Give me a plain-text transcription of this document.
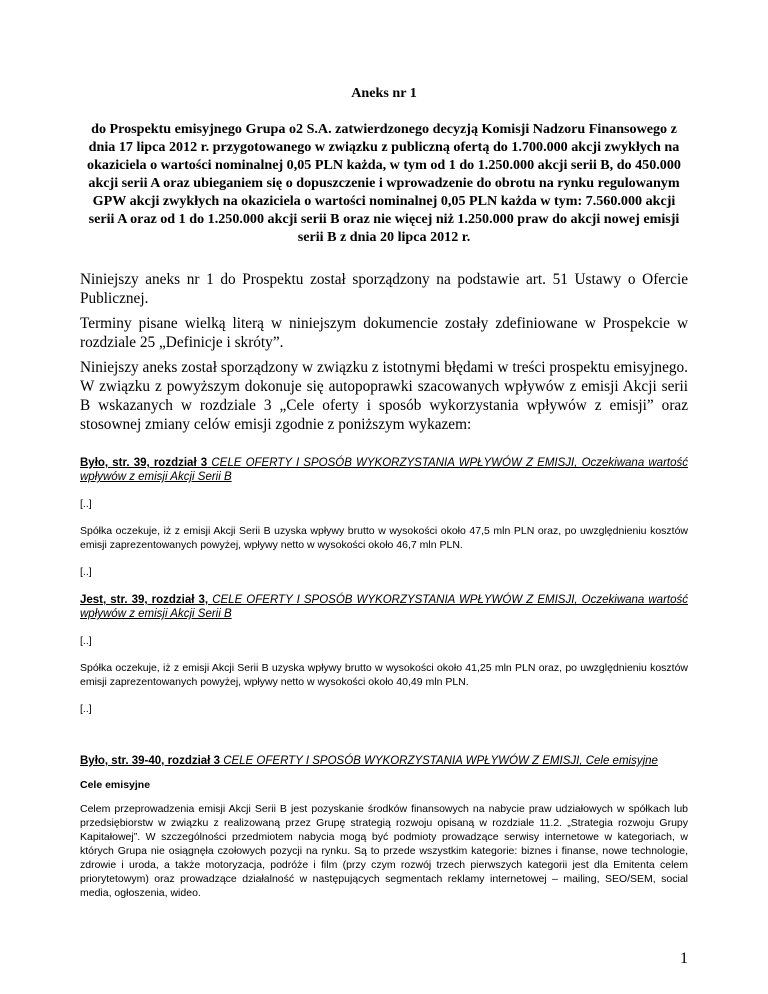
Aneks nr 1
do Prospektu emisyjnego Grupa o2 S.A. zatwierdzonego decyzją Komisji Nadzoru Finansowego z dnia 17 lipca 2012 r. przygotowanego w związku z publiczną ofertą do 1.700.000 akcji zwykłych na okaziciela o wartości nominalnej 0,05 PLN każda, w tym od 1 do 1.250.000 akcji serii B, do 450.000 akcji serii A oraz ubieganiem się o dopuszczenie i wprowadzenie do obrotu na rynku regulowanym GPW akcji zwykłych na okaziciela o wartości nominalnej 0,05 PLN każda w tym: 7.560.000 akcji serii A oraz od 1 do 1.250.000 akcji serii B oraz nie więcej niż 1.250.000 praw do akcji nowej emisji serii B z dnia 20 lipca 2012 r.

Niniejszy aneks nr 1 do Prospektu został sporządzony na podstawie art. 51 Ustawy o Ofercie Publicznej.

Terminy pisane wielką literą w niniejszym dokumencie zostały zdefiniowane w Prospekcie w rozdziale 25 „Definicje i skróty”.

Niniejszy aneks został sporządzony w związku z istotnymi błędami w treści prospektu emisyjnego. W związku z powyższym dokonuje się autopoprawki szacowanych wpływów z emisji Akcji serii B wskazanych w rozdziale 3 „Cele oferty i sposób wykorzystania wpływów z emisji” oraz stosownej zmiany celów emisji zgodnie z poniższym wykazem:

Było, str. 39, rozdział 3 CELE OFERTY I SPOSÓB WYKORZYSTANIA WPŁYWÓW Z EMISJI, Oczekiwana wartość wpływów z emisji Akcji Serii B

[..]

Spółka oczekuje, iż z emisji Akcji Serii B uzyska wpływy brutto w wysokości około 47,5 mln PLN oraz, po uwzględnieniu kosztów emisji zaprezentowanych powyżej, wpływy netto w wysokości około 46,7 mln PLN.

[..]

Jest, str. 39, rozdział 3, CELE OFERTY I SPOSÓB WYKORZYSTANIA WPŁYWÓW Z EMISJI, Oczekiwana wartość wpływów z emisji Akcji Serii B

[..]

Spółka oczekuje, iż z emisji Akcji Serii B uzyska wpływy brutto w wysokości około 41,25 mln PLN oraz, po uwzględnieniu kosztów emisji zaprezentowanych powyżej, wpływy netto w wysokości około 40,49 mln PLN.

[..]

Było, str. 39-40, rozdział 3 CELE OFERTY I SPOSÓB WYKORZYSTANIA WPŁYWÓW Z EMISJI, Cele emisyjne

Cele emisyjne

Celem przeprowadzenia emisji Akcji Serii B jest pozyskanie środków finansowych na nabycie praw udziałowych w spółkach lub przedsiębiorstw w związku z realizowaną przez Grupę strategią rozwoju opisaną w rozdziale 11.2. „Strategia rozwoju Grupy Kapitałowej”. W szczególności przedmiotem nabycia mogą być podmioty prowadzące serwisy internetowe w kategoriach, w których Grupa nie osiągnęła czołowych pozycji na rynku. Są to przede wszystkim kategorie: biznes i finanse, nowe technologie, zdrowie i uroda, a także motoryzacja, podróże i film (przy czym rozwój trzech pierwszych kategorii jest dla Emitenta celem priorytetowym) oraz prowadzące działalność w następujących segmentach reklamy internetowej – mailing, SEO/SEM, social media, ogłoszenia, wideo.

1
